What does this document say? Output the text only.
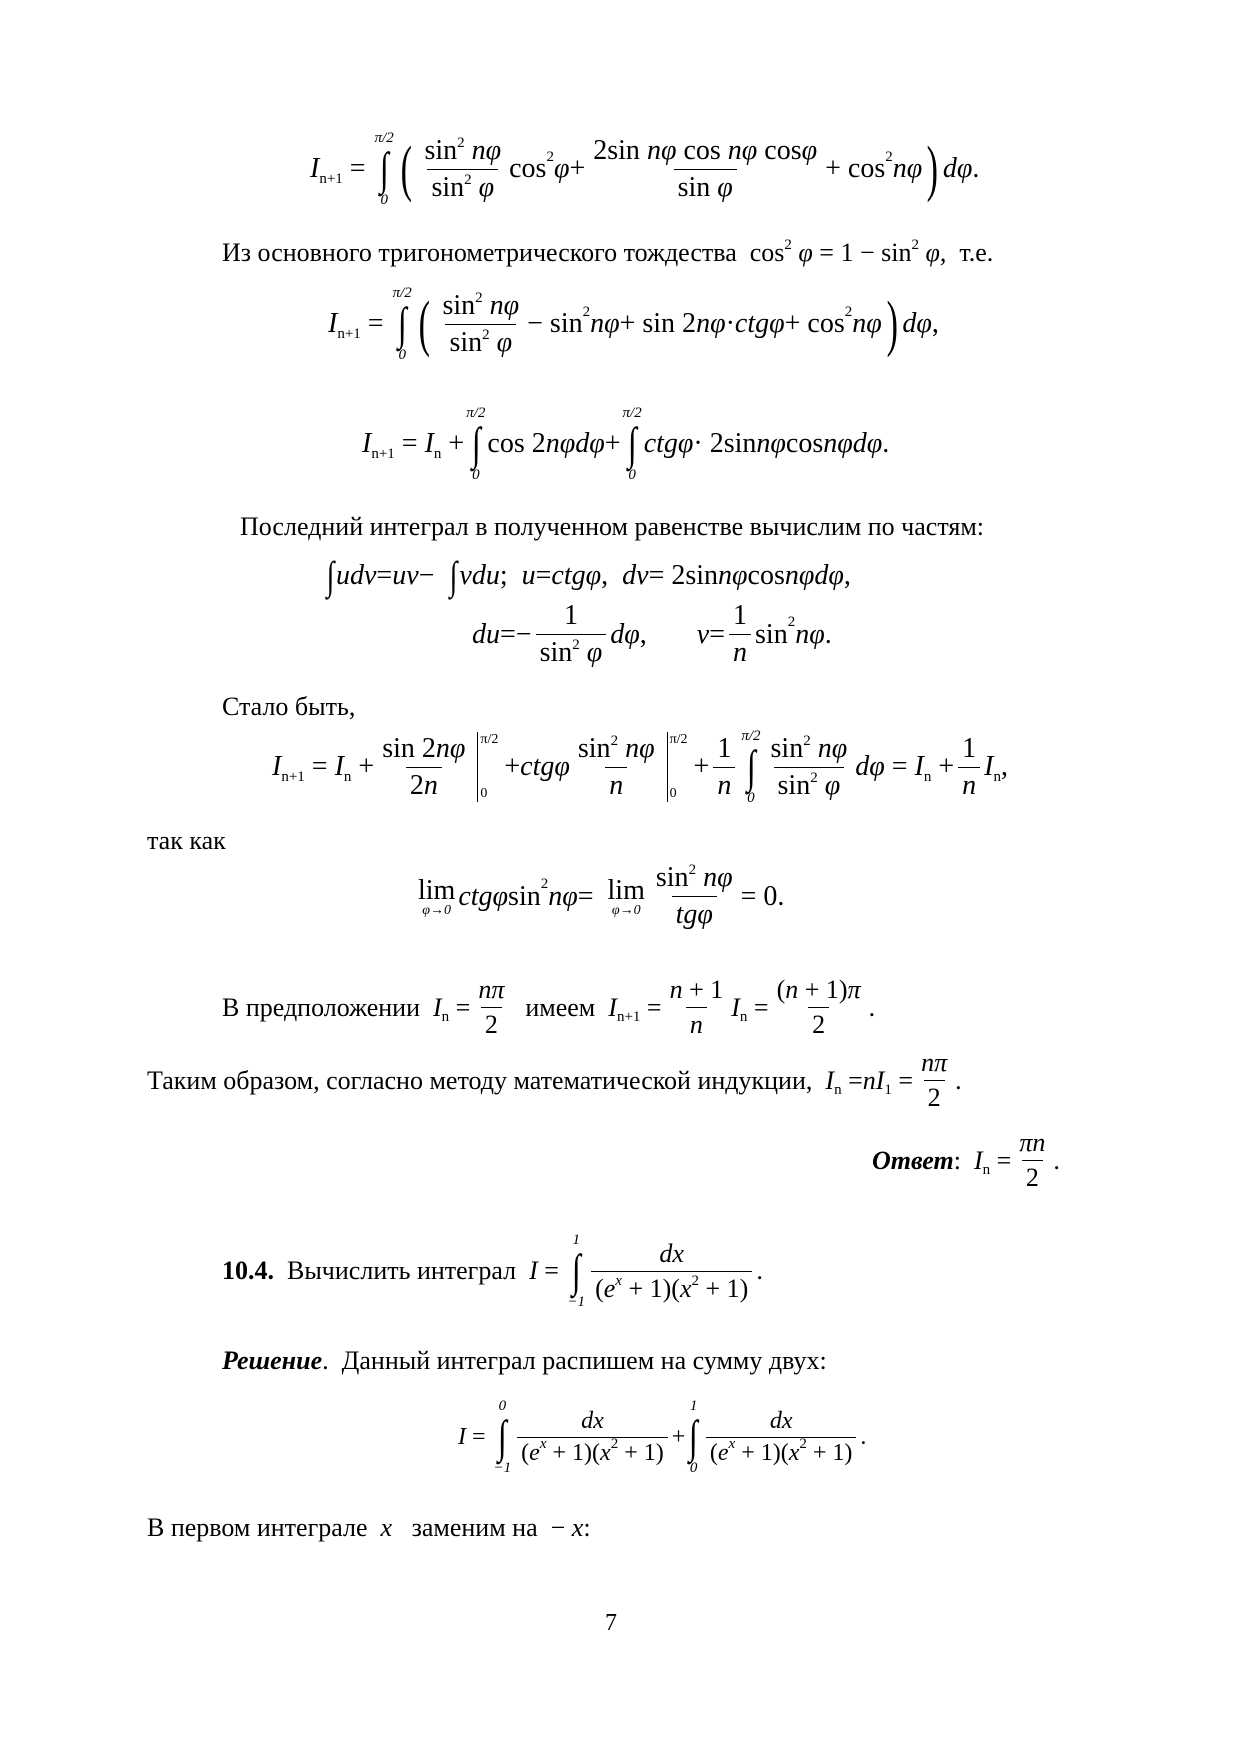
I n+1 =
π/2
∫
0 ( $\frac{\sin^2 n\varphi}{\sin^2 \varphi}$ cos 2 $\varphi + \frac{\text{2sin nφ cos nφ cosφ}}{\text{sin φ}} + \cos 2$ nφ ) dφ .
Из основного тригонометрического тождества  $\cos^2 \varphi = 1 - \sin^2 \varphi$,  т.е.
I n+1 =
π/2
∫
0 ( $\frac{\sin^2 n\varphi}{\sin^2 \varphi} - \sin 2$ nφ + sin 2 nφ · ctgφ + cos 2 nφ ) dφ ,
I n+1 = I n +
π/2
∫
0
cos 2 nφdφ +
π/2
∫
0
ctgφ · 2sin nφ cos nφdφ .
Последний интеграл в полученном равенстве вычислим по частям:
∫ udv = uv − ∫ vdu ; u = ctgφ , dv = 2sin nφ cos nφdφ ,
du =− $\frac{1}{\sin^2 \varphi}$ dφ , $v = \frac{1}{n}$ sin 2 nφ .
Стало быть,
I n+1 = I $n + \frac{\sin 2n\varphi}{2n} \pi/2$
0
+ ctgφ $\frac{\sin^2 n\varphi}{n} \pi/2$
0
+ $\frac{1}{n} \pi/2$
∫
$0 \frac{\sin^2 n\varphi}{\sin^2 \varphi}$ dφ = I $n + \frac{1}{n}$ I n ,
так как
lim
φ→0 ctgφ sin 2 nφ = lim
$\varphi\to 0 \frac{\sin^2 n\varphi}{\text{tgφ}} = 0$.
В предположении
I $n = \frac{n\pi}{2}$
имеем
I $n+1 = \frac{n + 1}{n}$ I $n = \frac{(n + 1)\pi}{2}$ .
Таким образом, согласно методу математической индукции,
I n = nI $1 = \frac{n\pi}{2}$ .
Ответ : I $n = \frac{\pi n}{2}$ .
10.4.
Вычислить интеграл
I =
1
∫
$-1 \frac{dx}{(e^x + 1)(x^2 + 1)}$ .
Решение.  Данный интеграл распишем на сумму двух:
I =
0
∫
−1
$\frac{dx}{(e^x + 1)(x^2 + 1)}$ +
1
∫
0
$\frac{dx}{(e^x + 1)(x^2 + 1)}$ .
В первом интеграле x заменим на  − x:
7
